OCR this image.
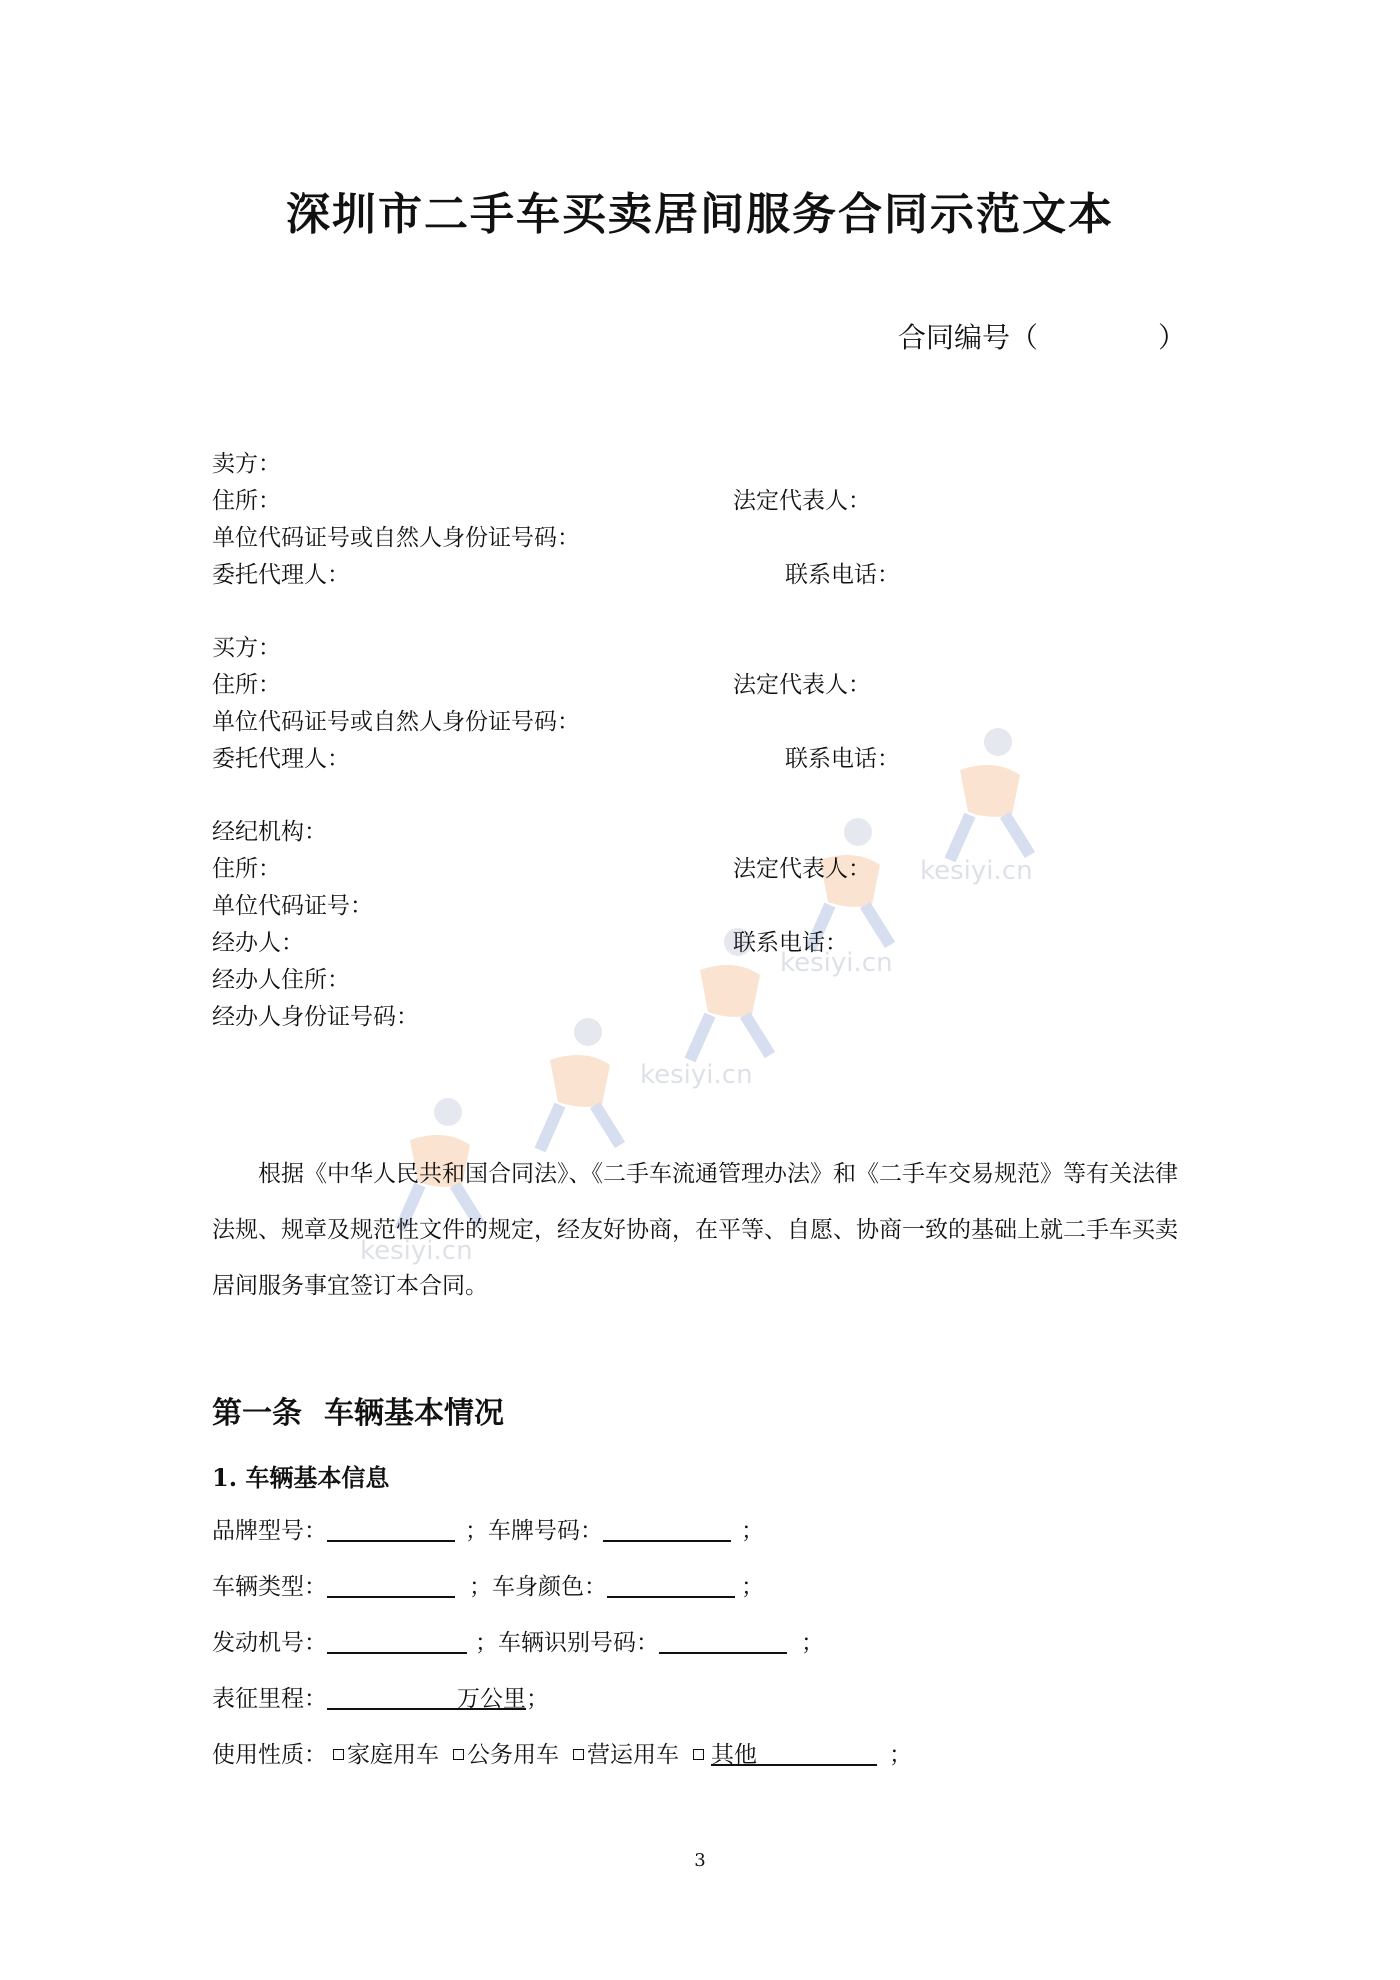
kesiyi.cn
kesiyi.cn
kesiyi.cn
kesiyi.cn
深圳市二手车买卖居间服务合同示范文本
合同编号（	）
卖方：
住所：	法定代表人：
单位代码证号或自然人身份证号码：
委托代理人：	联系电话：
买方：
住所：	法定代表人：
单位代码证号或自然人身份证号码：
委托代理人：	联系电话：
经纪机构：
住所：	法定代表人：
单位代码证号：
经办人：	联系电话：
经办人住所：
经办人身份证号码：
根据《中华人民共和国合同法》、《二手车流通管理办法》和《二手车交易规范》等有关法律法规、规章及规范性文件的规定，经友好协商，在平等、自愿、协商一致的基础上就二手车买卖居间服务事宜签订本合同。
第一条 车辆基本情况
1. 车辆基本信息
品牌型号：	；车牌号码：	；
车辆类型：	；车身颜色：	；
发动机号：	；车辆识别号码：	；
表征里程：	万公里；
使用性质： 家庭用车 公务用车 营运用车 其他	；
3
